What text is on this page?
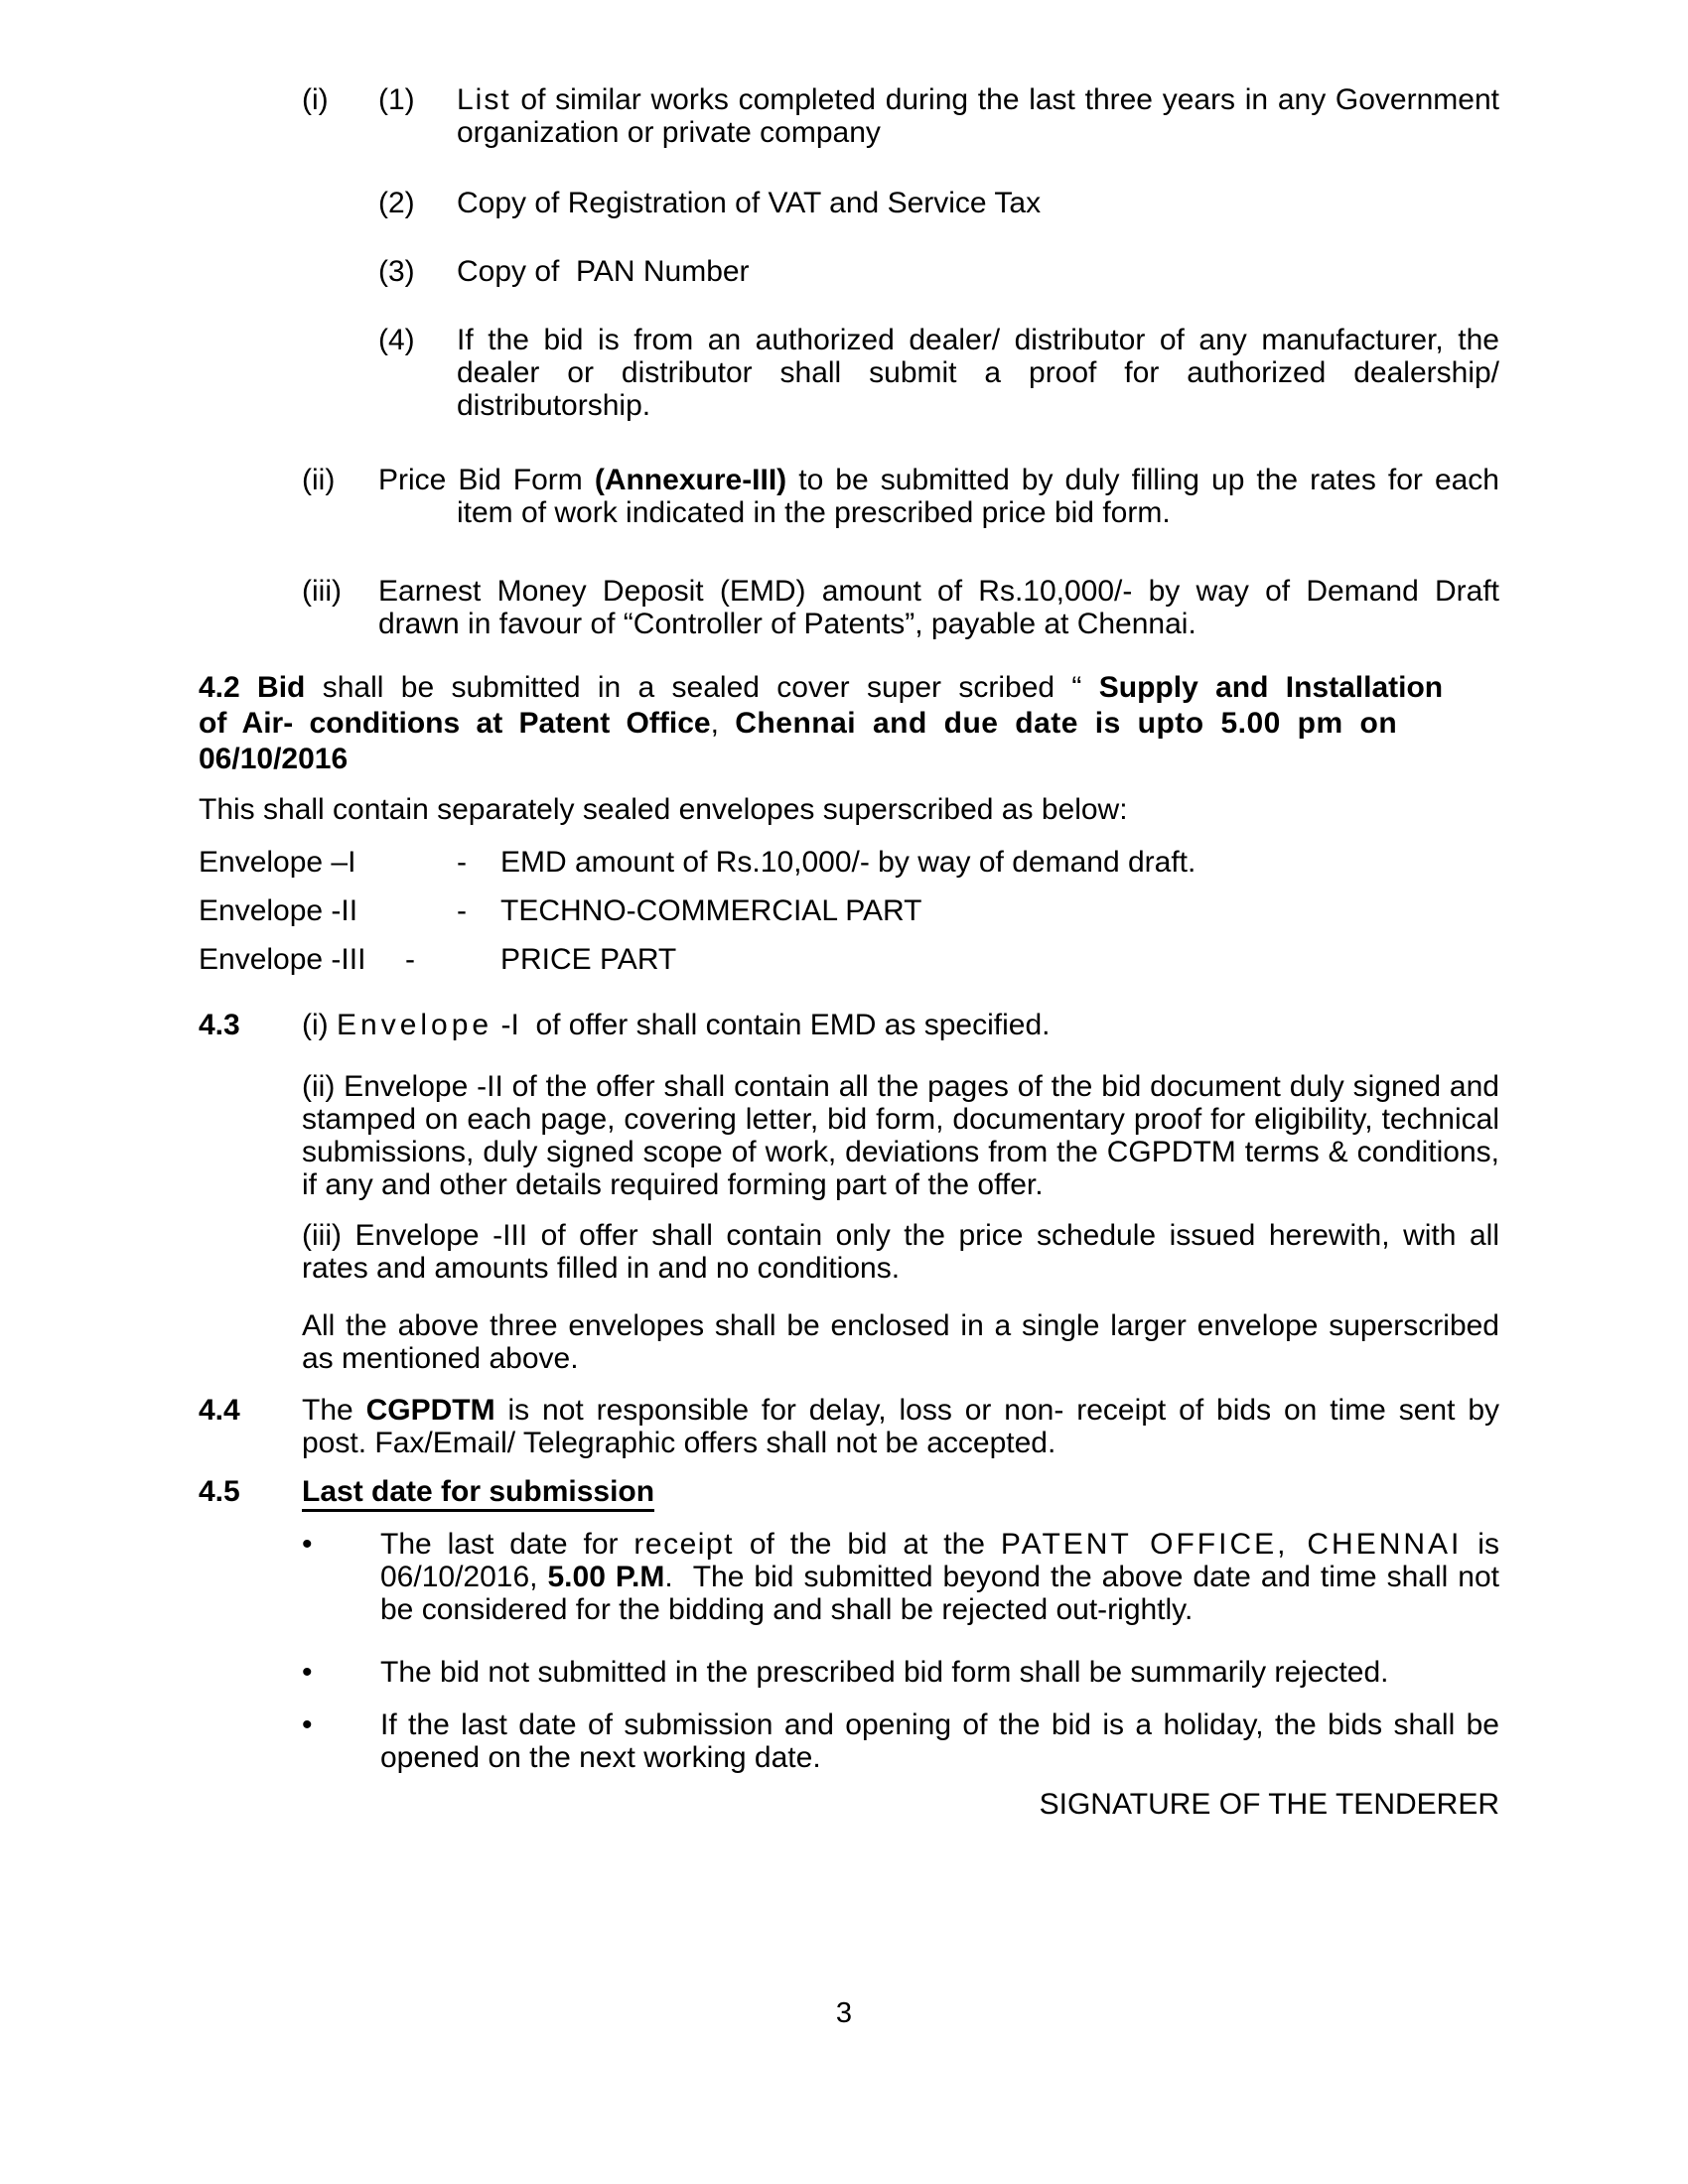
(i)	(1)	List of similar works completed during the last three years in any Government organization or private company
(2)	Copy of Registration of VAT and Service Tax
(3)	Copy of  PAN Number
(4)	If the bid is from an authorized dealer/ distributor of any manufacturer, the dealer or distributor shall submit a proof for authorized dealership/ distributorship.
(ii)	Price Bid Form (Annexure-III) to be submitted by duly filling up the rates for each item of work indicated in the prescribed price bid form.
(iii)	Earnest Money Deposit (EMD) amount of Rs.10,000/- by way of Demand Draft drawn in favour of “Controller of Patents”, payable at Chennai.
4.2 Bid shall be submitted in a sealed cover super scribed “ Supply and Installation
of Air- conditions at Patent Office, Chennai and due date is upto 5.00 pm on
06/10/2016
This shall contain separately sealed envelopes superscribed as below:
Envelope –I	-	EMD amount of Rs.10,000/- by way of demand draft.
Envelope -II	-	TECHNO-COMMERCIAL PART
Envelope -III	-	PRICE PART
4.3	(i) Envelope -I  of offer shall contain EMD as specified.
(ii) Envelope -II of the offer shall contain all the pages of the bid document duly signed and stamped on each page, covering letter, bid form, documentary proof for eligibility, technical submissions, duly signed scope of work, deviations from the CGPDTM terms & conditions, if any and other details required forming part of the offer.
(iii) Envelope -III of offer shall contain only the price schedule issued herewith, with all rates and amounts filled in and no conditions.
All the above three envelopes shall be enclosed in a single larger envelope superscribed as mentioned above.
4.4	The CGPDTM is not responsible for delay, loss or non- receipt of bids on time sent by post. Fax/Email/ Telegraphic offers shall not be accepted.
4.5	Last date for submission
•	The last date for receipt of the bid at the PATENT OFFICE, CHENNAI is 06/10/2016, 5.00 P.M.  The bid submitted beyond the above date and time shall not be considered for the bidding and shall be rejected out-rightly.
•	The bid not submitted in the prescribed bid form shall be summarily rejected.
•	If the last date of submission and opening of the bid is a holiday, the bids shall be opened on the next working date.
SIGNATURE OF THE TENDERER
3
